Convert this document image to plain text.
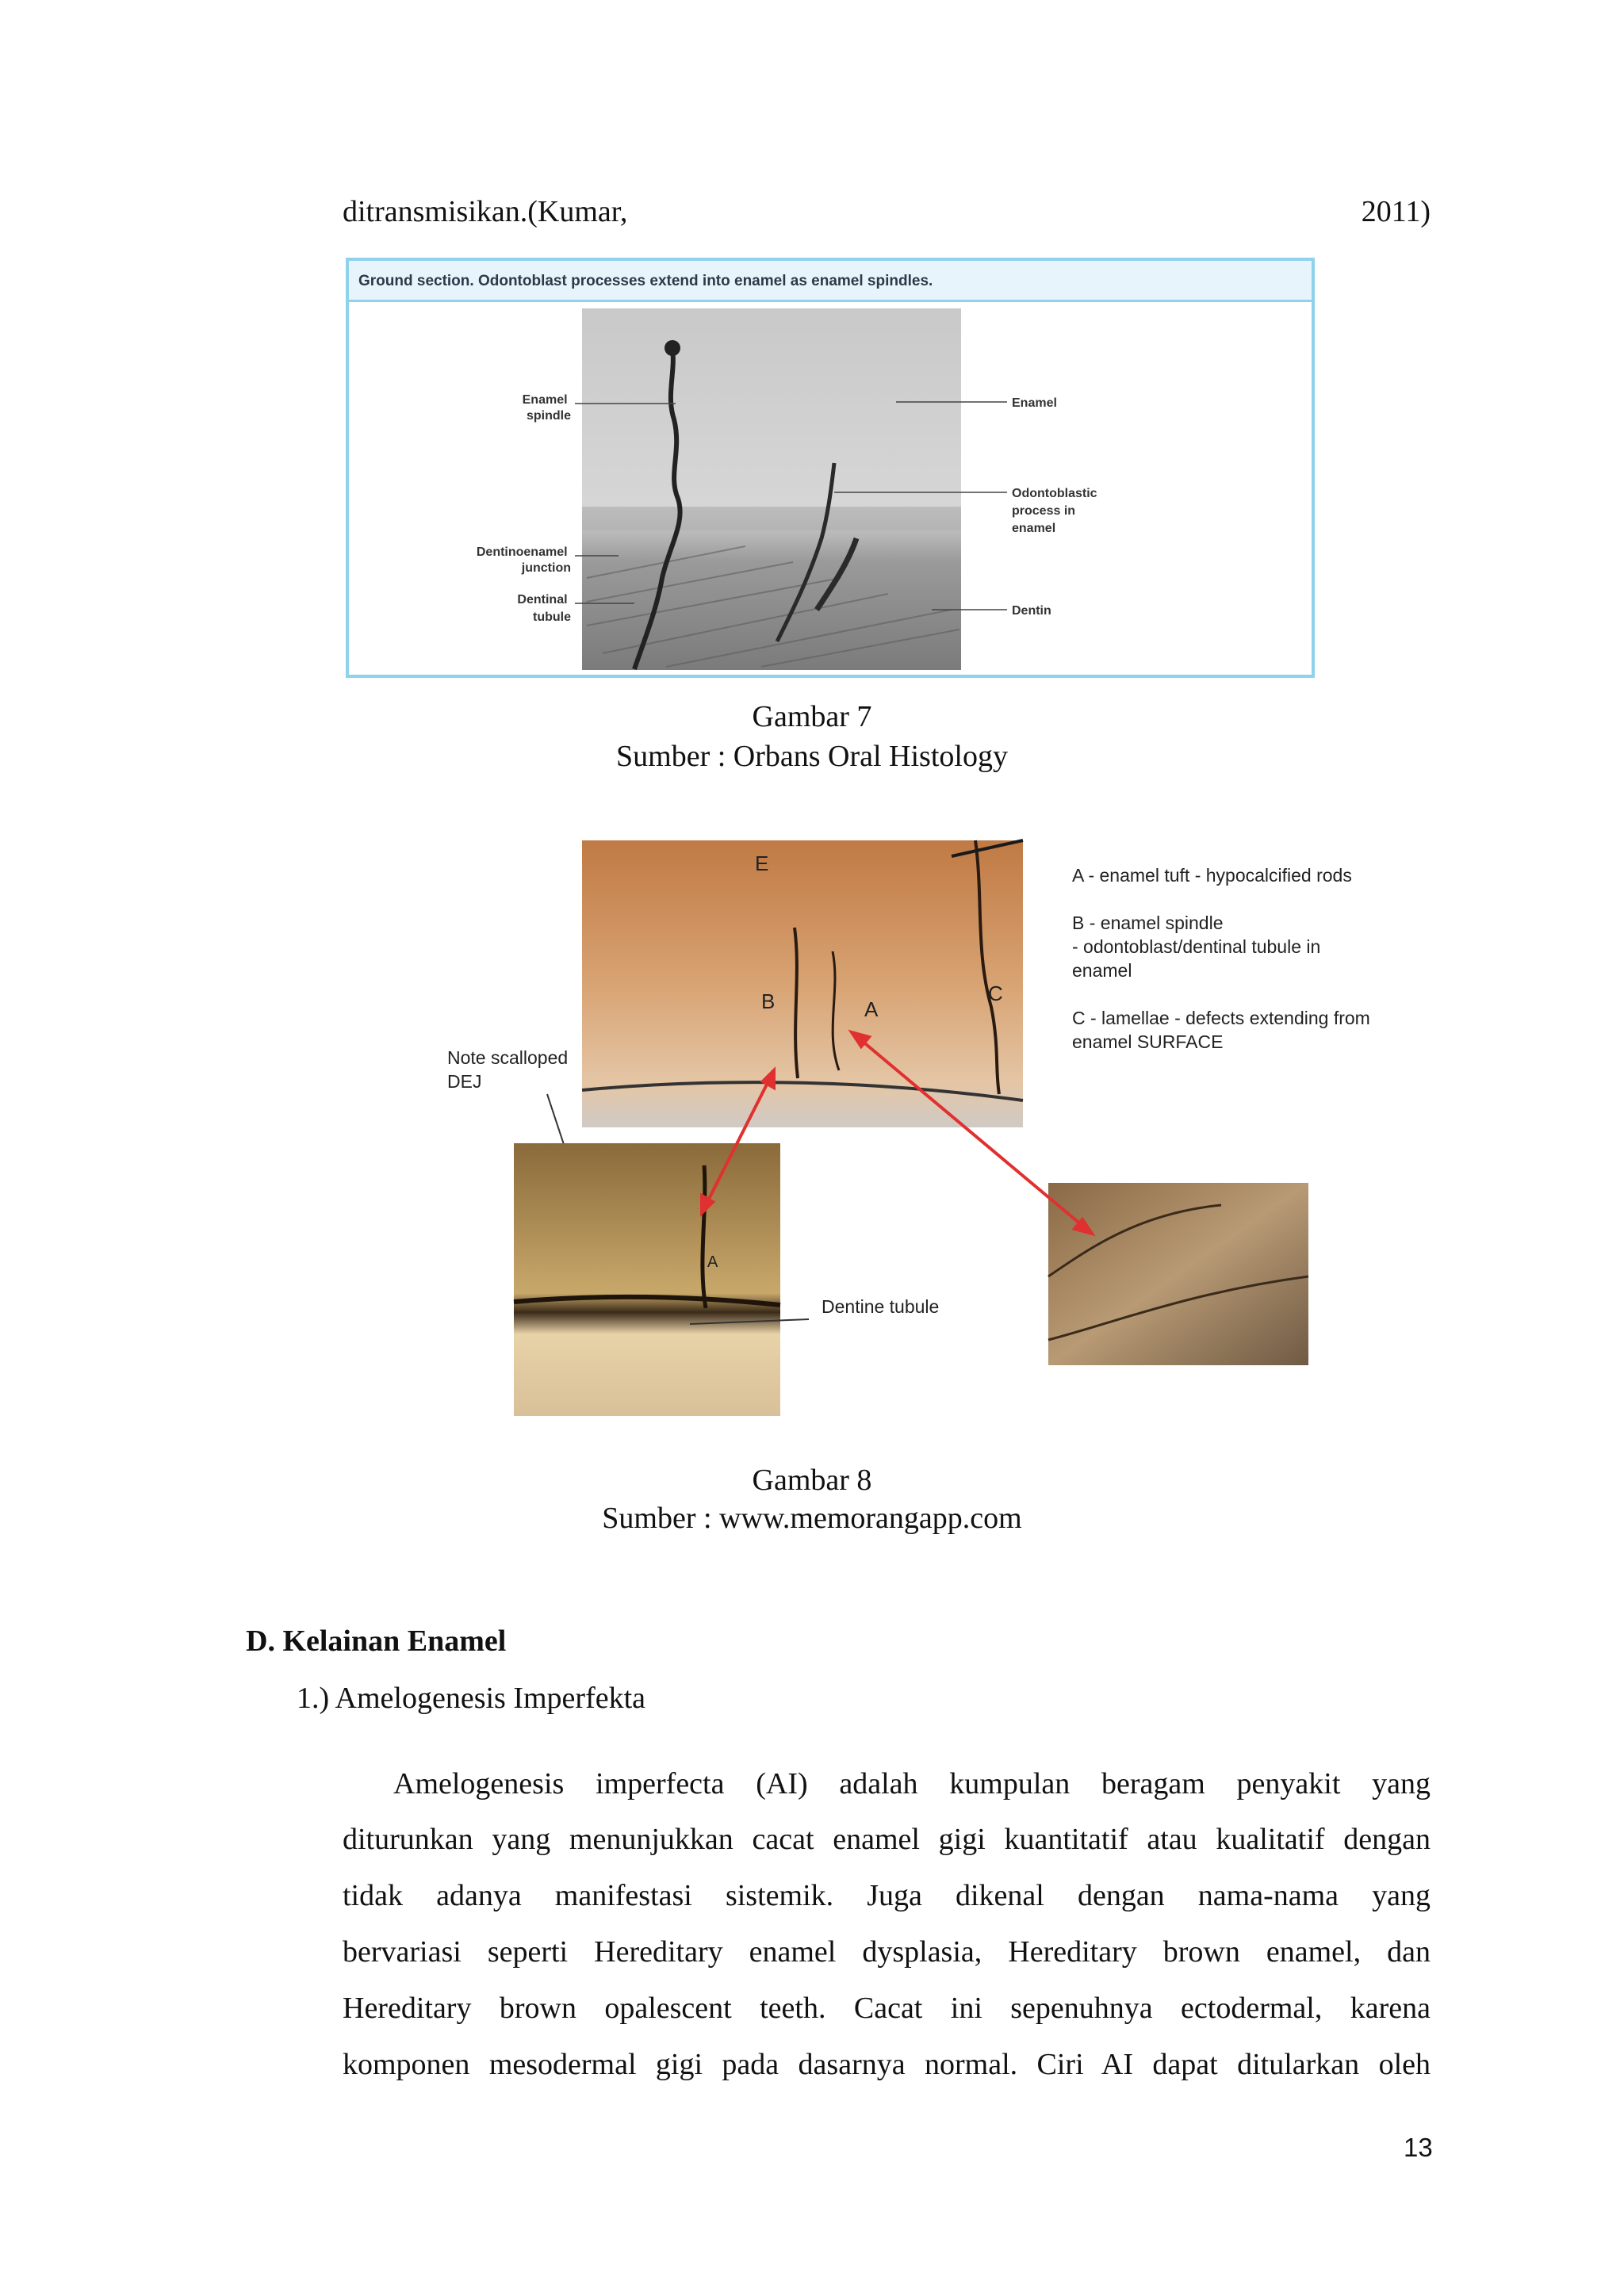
ditransmisikan.(Kumar,	2011)
Enamel spindle
Dentinoenamel junction
Dentinal tubule
Enamel
Odontoblastic process in enamel
Dentin
Ground section. Odontoblast processes extend into enamel as enamel spindles.
Gambar 7
Sumber : Orbans Oral Histology
E
B	A
C
A - enamel tuft - hypocalcified rods B - enamel spindle - odontoblast/dentinal tubule in enamel C - lamellae - defects extending from enamel SURFACE
Note scalloped DEJ
A
Dentine tubule
Gambar 8
Sumber : www.memorangapp.com
D. Kelainan Enamel
1.) Amelogenesis Imperfekta
Amelogenesis imperfecta (AI) adalah kumpulan beragam penyakit yang
diturunkan yang menunjukkan cacat enamel gigi kuantitatif atau kualitatif dengan
tidak adanya manifestasi sistemik. Juga dikenal dengan nama-nama yang
bervariasi seperti Hereditary enamel dysplasia, Hereditary brown enamel, dan
Hereditary brown opalescent teeth. Cacat ini sepenuhnya ectodermal, karena
komponen mesodermal gigi pada dasarnya normal. Ciri AI dapat ditularkan oleh
13
